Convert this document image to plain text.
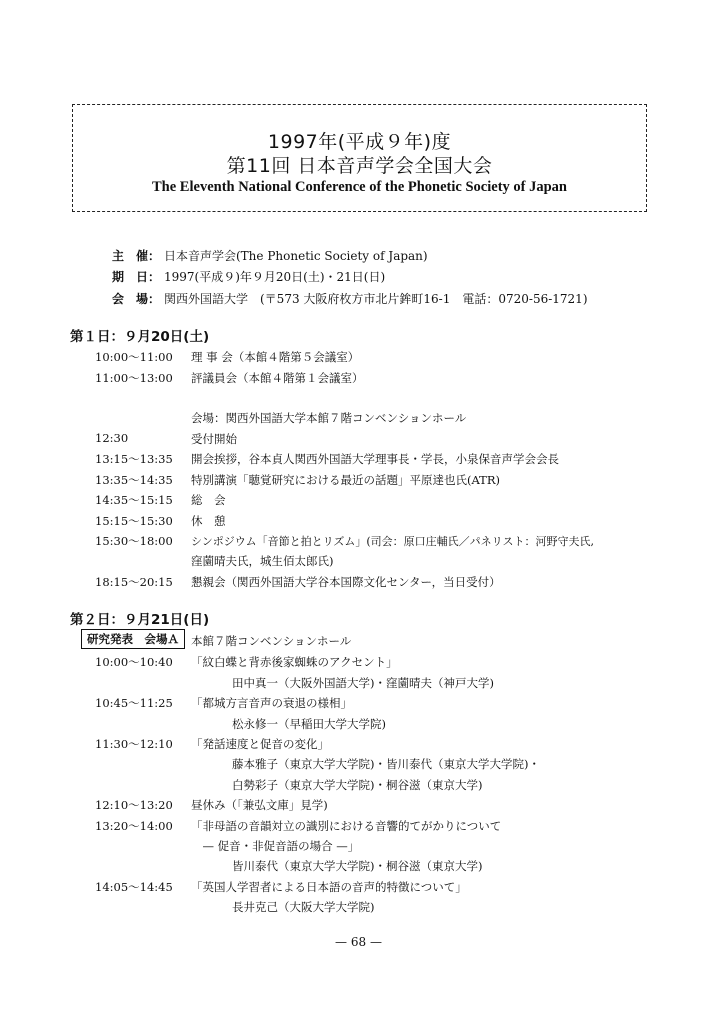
1997年(平成９年)度
第11回 日本音声学会全国大会
The Eleventh National Conference of the Phonetic Society of Japan
主　催： 日本音声学会(The Phonetic Society of Japan)
期　日： 1997(平成９)年９月20日(土)・21日(日)
会　場： 関西外国語大学　(〒573 大阪府枚方市北片鉾町16-1　電話：0720-56-1721)
第１日：９月20日(土)
10:00〜11:00 理 事 会（本館４階第５会議室）
11:00〜13:00 評議員会（本館４階第１会議室）
会場：関西外国語大学本館７階コンベンションホール
12:30	受付開始
13:15〜13:35 開会挨拶，谷本貞人関西外国語大学理事長・学長，小泉保音声学会会長
13:35〜14:35 特別講演「聴覚研究における最近の話題」平原達也氏(ATR)
14:35〜15:15 総　会
15:15〜15:30 休　憩
15:30〜18:00 シンポジウム「音節と拍とリズム」(司会：原口庄輔氏／パネリスト：河野守夫氏,
窪薗晴夫氏，城生佰太郎氏)
18:15〜20:15 懇親会（関西外国語大学谷本国際文化センター，当日受付）
第２日：９月21日(日)
研究発表　会場Ａ	本館７階コンベンションホール
10:00〜10:40 「紋白蝶と背赤後家蜘蛛のアクセント」
田中真一（大阪外国語大学)・窪薗晴夫（神戸大学)
10:45〜11:25 「都城方言音声の衰退の様相」
松永修一（早稲田大学大学院)
11:30〜12:10 「発話速度と促音の変化」
藤本雅子（東京大学大学院)・皆川泰代（東京大学大学院)・
白勢彩子（東京大学大学院)・桐谷滋（東京大学)
12:10〜13:20 昼休み（「兼弘文庫」見学)
13:20〜14:00 「非母語の音韻対立の識別における音響的てがかりについて
　— 促音・非促音語の場合 —」
皆川泰代（東京大学大学院)・桐谷滋（東京大学)
14:05〜14:45 「英国人学習者による日本語の音声的特徴について」
長井克己（大阪大学大学院)
— 68 —
